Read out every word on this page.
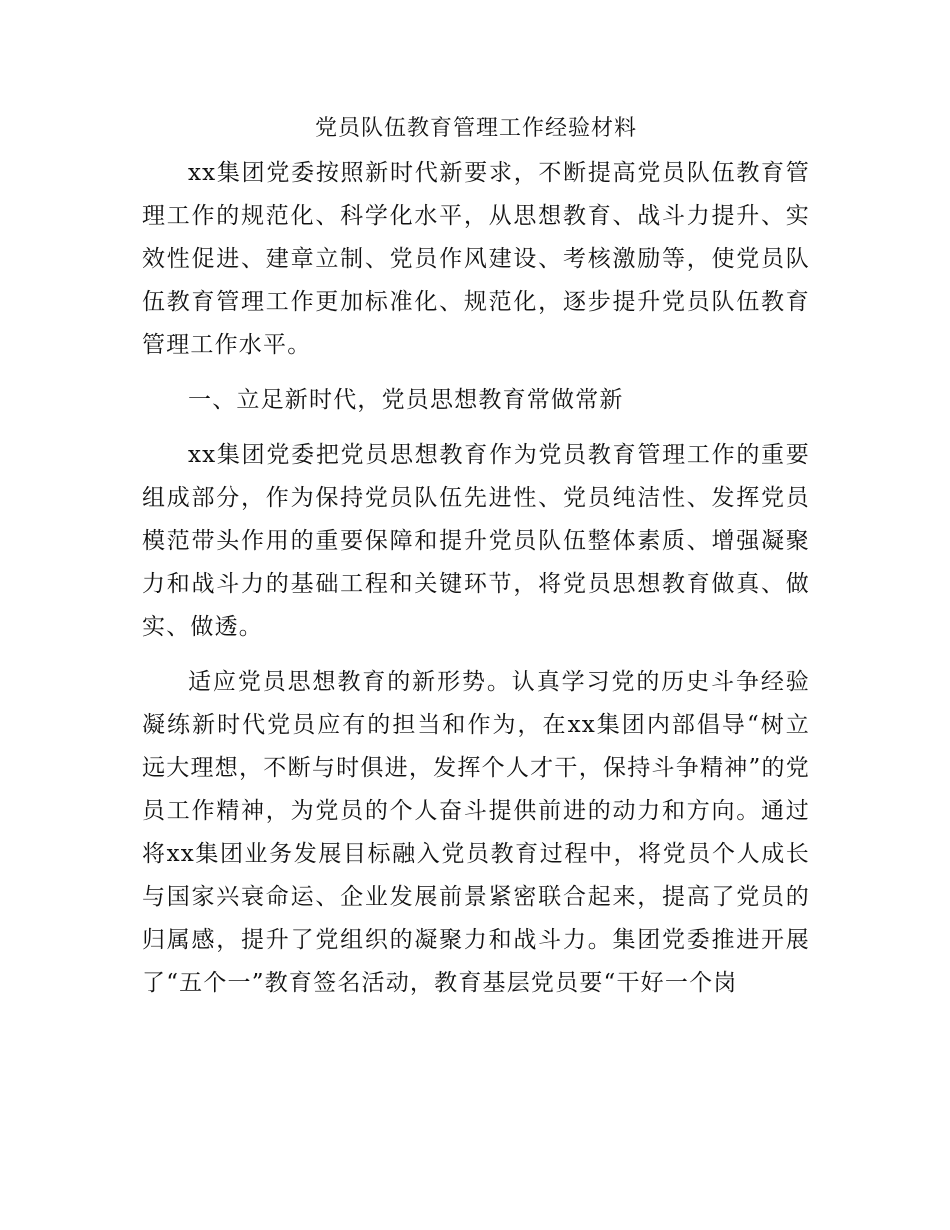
党员队伍教育管理工作经验材料

xx集团党委按照新时代新要求，不断提高党员队伍教育管理工作的规范化、科学化水平，从思想教育、战斗力提升、实效性促进、建章立制、党员作风建设、考核激励等，使党员队伍教育管理工作更加标准化、规范化，逐步提升党员队伍教育管理工作水平。

一、立足新时代，党员思想教育常做常新

xx集团党委把党员思想教育作为党员教育管理工作的重要组成部分，作为保持党员队伍先进性、党员纯洁性、发挥党员模范带头作用的重要保障和提升党员队伍整体素质、增强凝聚力和战斗力的基础工程和关键环节，将党员思想教育做真、做实、做透。

适应党员思想教育的新形势。认真学习党的历史斗争经验凝练新时代党员应有的担当和作为，在xx集团内部倡导“树立远大理想，不断与时俱进，发挥个人才干，保持斗争精神”的党员工作精神，为党员的个人奋斗提供前进的动力和方向。通过将xx集团业务发展目标融入党员教育过程中，将党员个人成长与国家兴衰命运、企业发展前景紧密联合起来，提高了党员的归属感，提升了党组织的凝聚力和战斗力。集团党委推进开展了“五个一”教育签名活动，教育基层党员要“干好一个岗
